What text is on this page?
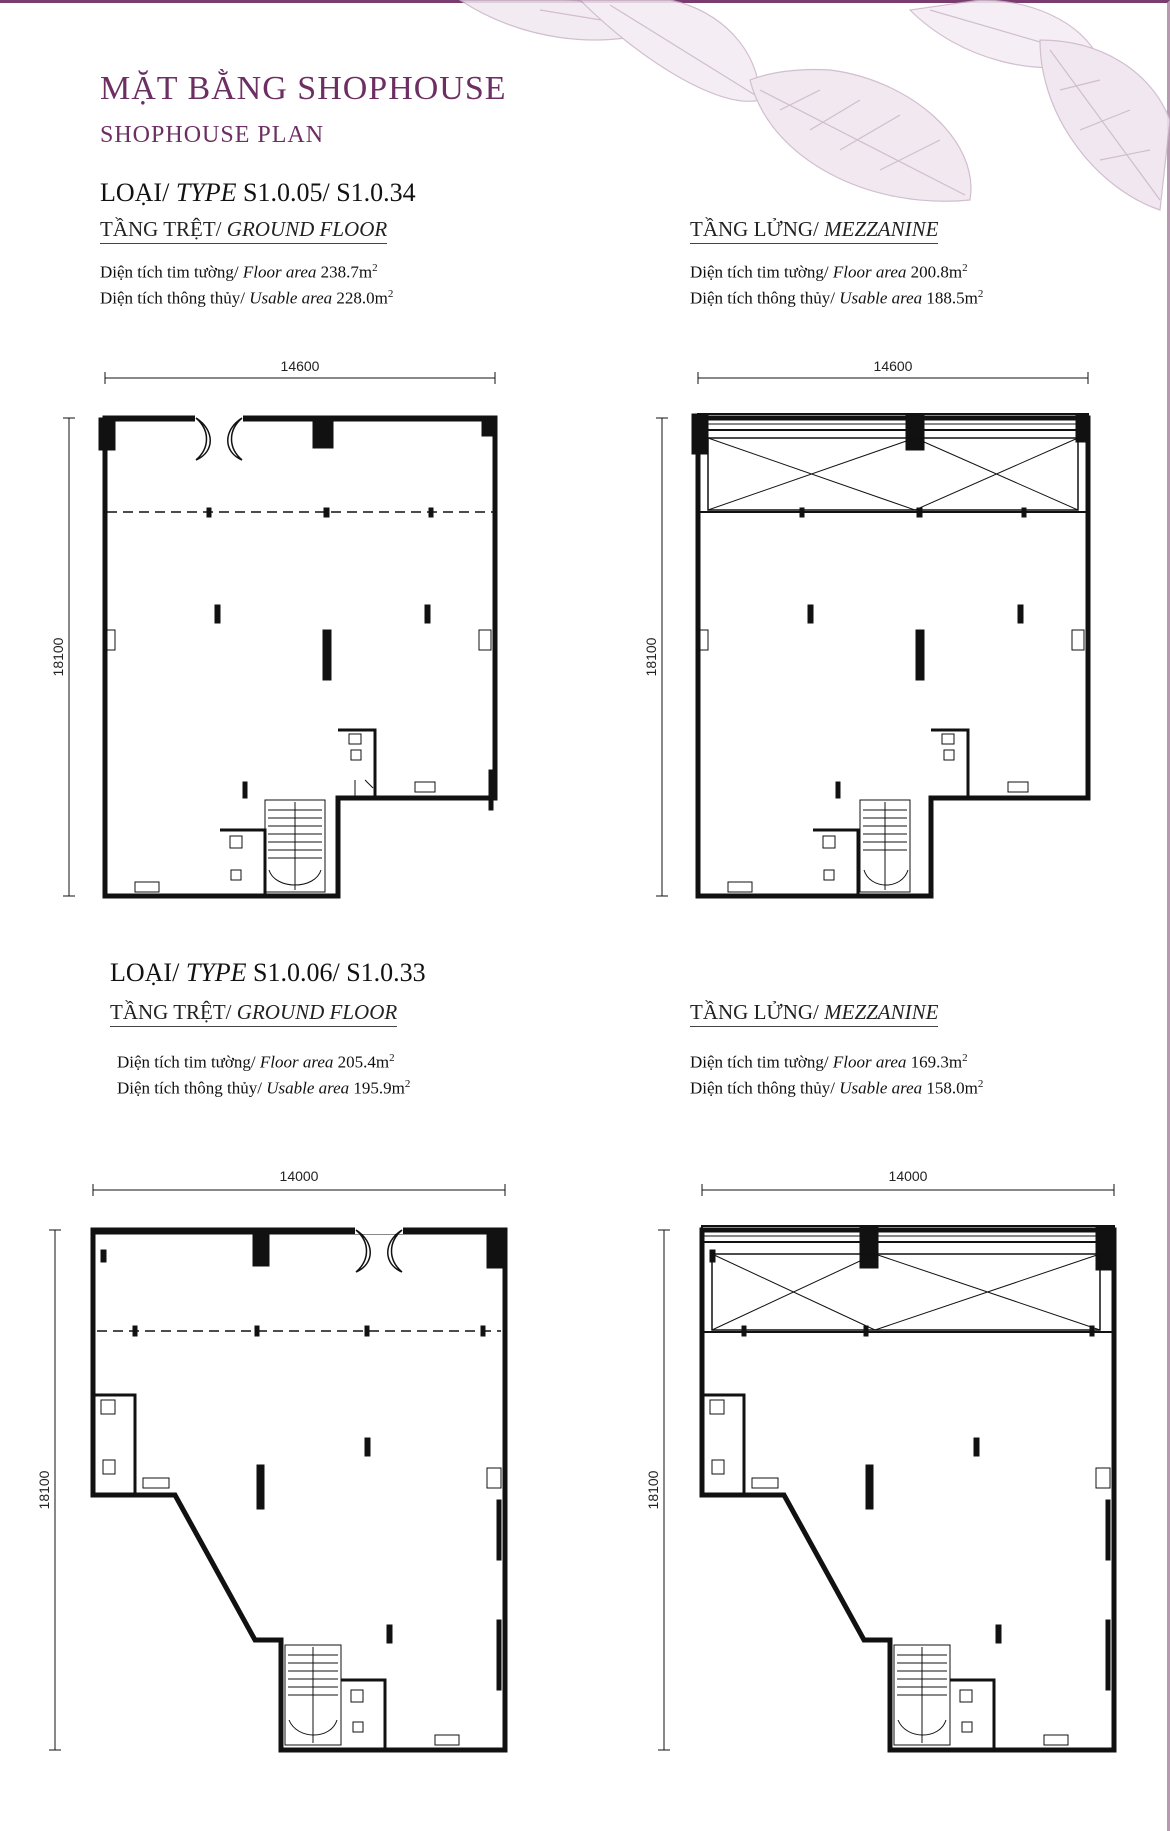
MẶT BẰNG SHOPHOUSE
SHOPHOUSE PLAN
LOẠI/ TYPE S1.0.05/ S1.0.34
TẦNG TRỆT/ GROUND FLOOR
Diện tích tim tường/ Floor area $238.7m^2$
Diện tích thông thủy/ Usable area $228.0m^2$
TẦNG LỬNG/ MEZZANINE
Diện tích tim tường/ Floor area $200.8m^2$
Diện tích thông thủy/ Usable area $188.5m^2$
14600
18100
14600
18100
LOẠI/ TYPE S1.0.06/ S1.0.33
TẦNG TRỆT/ GROUND FLOOR
Diện tích tim tường/ Floor area $205.4m^2$
Diện tích thông thủy/ Usable area $195.9m^2$
TẦNG LỬNG/ MEZZANINE
Diện tích tim tường/ Floor area $169.3m^2$
Diện tích thông thủy/ Usable area $158.0m^2$
14000
18100
14000
18100
